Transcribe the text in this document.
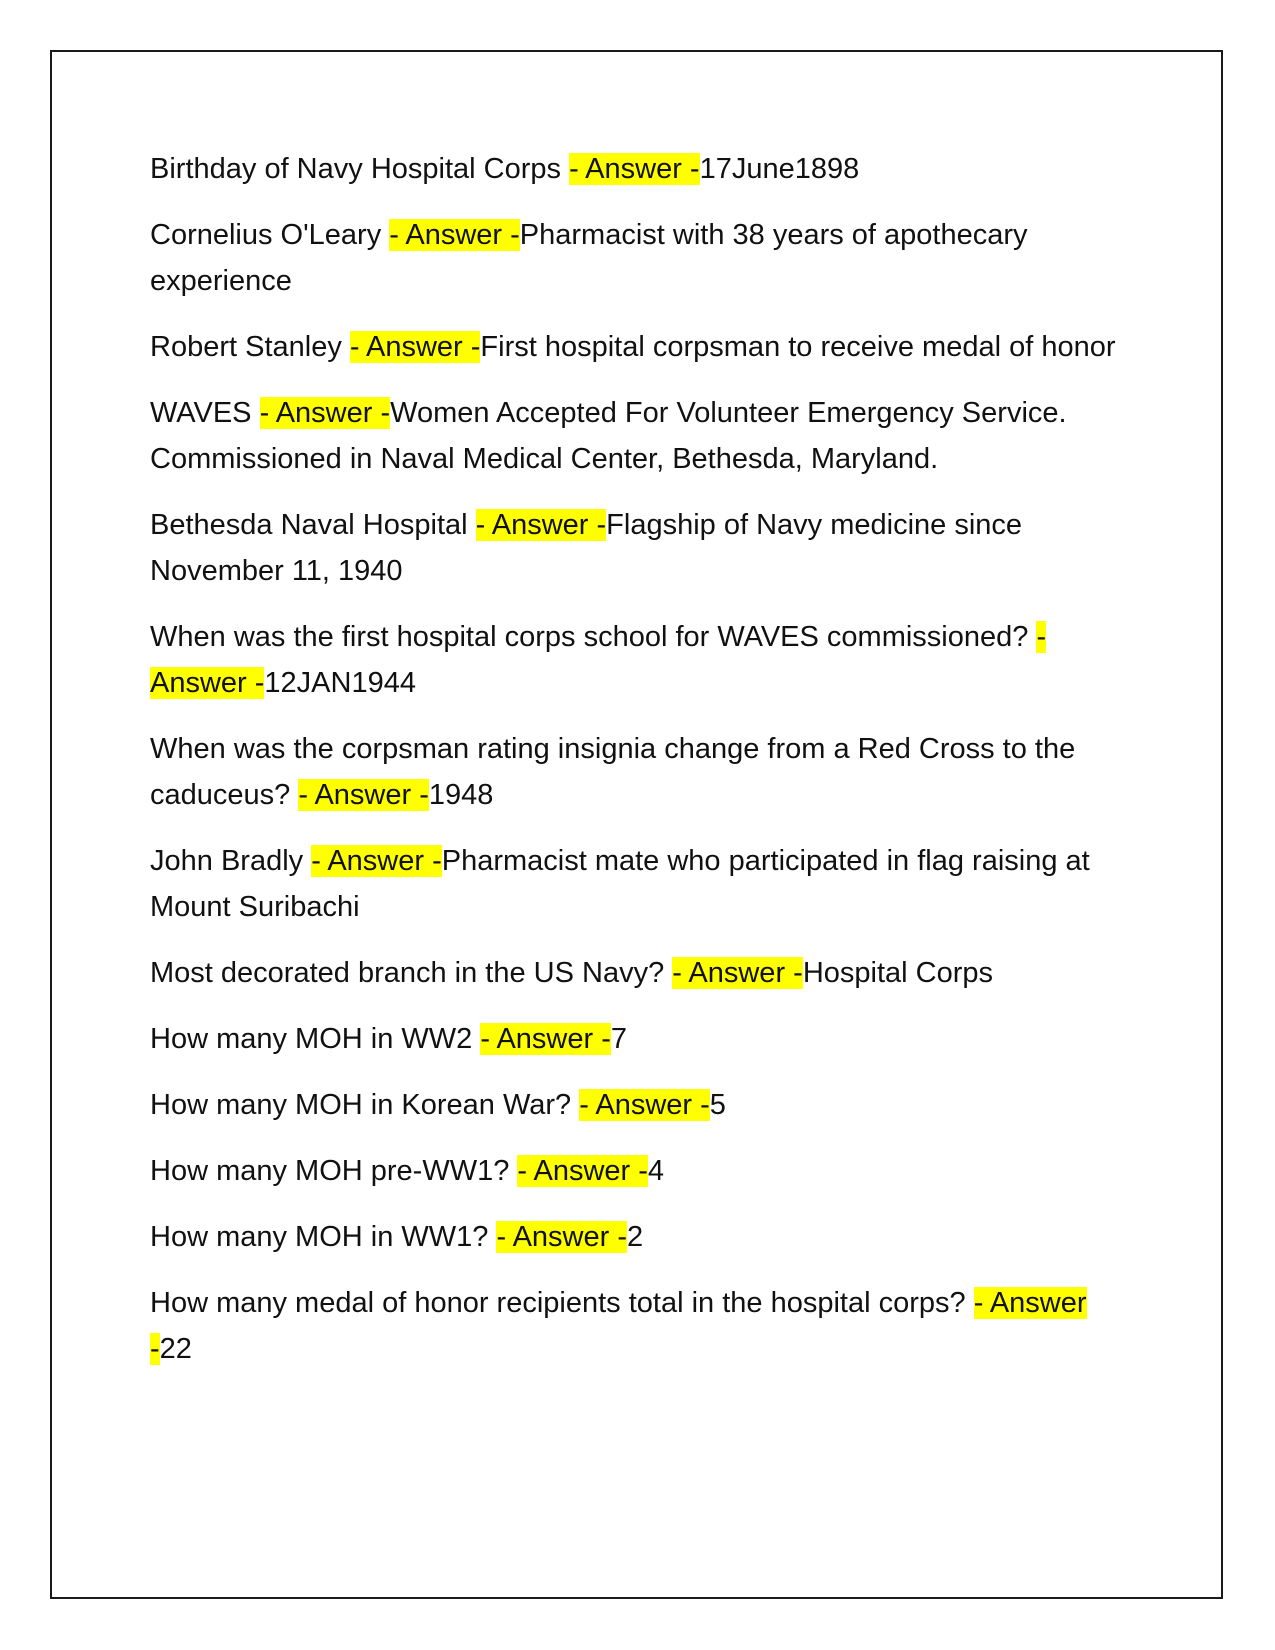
Birthday of Navy Hospital Corps - Answer -17June1898

Cornelius O'Leary - Answer -Pharmacist with 38 years of apothecary experience

Robert Stanley - Answer -First hospital corpsman to receive medal of honor

WAVES - Answer -Women Accepted For Volunteer Emergency Service. Commissioned in Naval Medical Center, Bethesda, Maryland.

Bethesda Naval Hospital - Answer -Flagship of Navy medicine since November 11, 1940

When was the first hospital corps school for WAVES commissioned? - Answer -12JAN1944

When was the corpsman rating insignia change from a Red Cross to the caduceus? - Answer -1948

John Bradly - Answer -Pharmacist mate who participated in flag raising at Mount Suribachi

Most decorated branch in the US Navy? - Answer -Hospital Corps

How many MOH in WW2 - Answer -7

How many MOH in Korean War? - Answer -5

How many MOH pre-WW1? - Answer -4

How many MOH in WW1? - Answer -2

How many medal of honor recipients total in the hospital corps? - Answer -22
